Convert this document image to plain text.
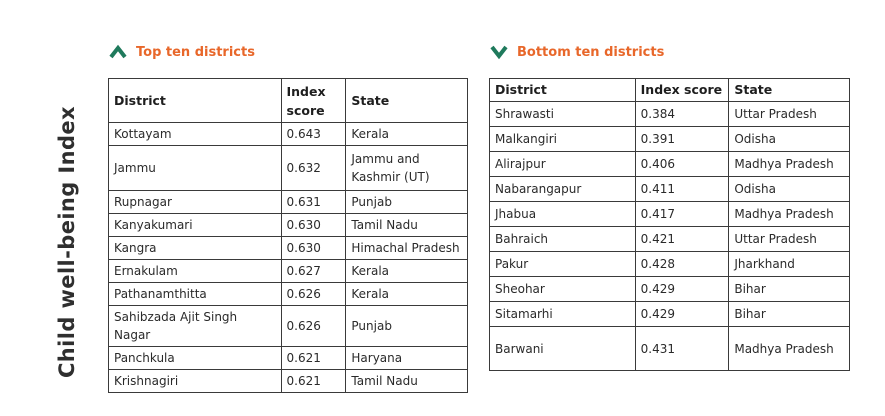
Child well-being Index
Top ten districts	Bottom ten districts
District	Index score	State
Kottayam	0.643	Kerala
Jammu	0.632	Jammu and Kashmir (UT)
Rupnagar	0.631	Punjab
Kanyakumari	0.630	Tamil Nadu
Kangra	0.630	Himachal Pradesh
Ernakulam	0.627	Kerala
Pathanamthitta	0.626	Kerala
Sahibzada Ajit Singh Nagar	0.626	Punjab
Panchkula	0.621	Haryana
Krishnagiri	0.621	Tamil Nadu
District	Index score	State
Shrawasti	0.384	Uttar Pradesh
Malkangiri	0.391	Odisha
Alirajpur	0.406	Madhya Pradesh
Nabarangapur	0.411	Odisha
Jhabua	0.417	Madhya Pradesh
Bahraich	0.421	Uttar Pradesh
Pakur	0.428	Jharkhand
Sheohar	0.429	Bihar
Sitamarhi	0.429	Bihar
Barwani	0.431	Madhya Pradesh
